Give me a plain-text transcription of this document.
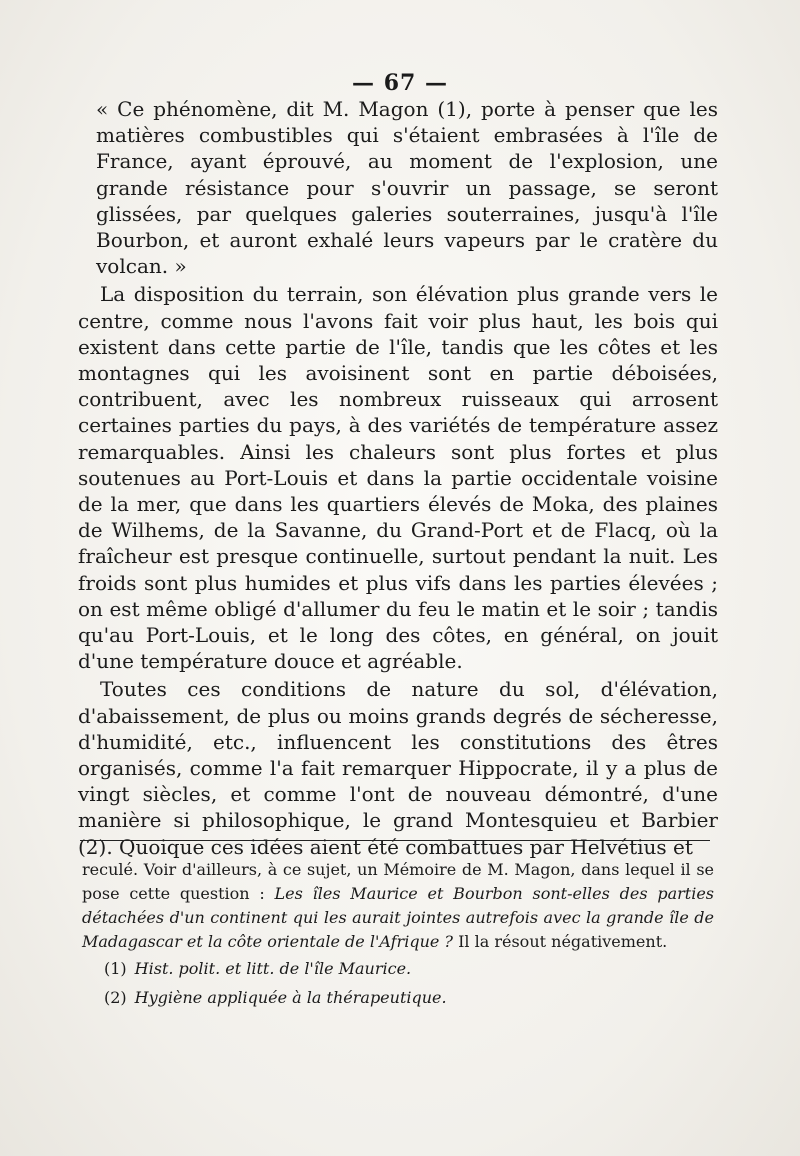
— 67 —

« Ce phénomène, dit M. Magon (1), porte à penser que les matières combustibles qui s'étaient embrasées à l'île de France, ayant éprouvé, au moment de l'explosion, une grande résistance pour s'ouvrir un passage, se seront glissées, par quelques galeries souterraines, jusqu'à l'île Bourbon, et auront exhalé leurs vapeurs par le cratère du volcan. »

La disposition du terrain, son élévation plus grande vers le centre, comme nous l'avons fait voir plus haut, les bois qui existent dans cette partie de l'île, tandis que les côtes et les montagnes qui les avoisinent sont en partie déboisées, contribuent, avec les nombreux ruisseaux qui arrosent certaines parties du pays, à des variétés de température assez remarquables. Ainsi les chaleurs sont plus fortes et plus soutenues au Port-Louis et dans la partie occidentale voisine de la mer, que dans les quartiers élevés de Moka, des plaines de Wilhems, de la Savanne, du Grand-Port et de Flacq, où la fraîcheur est presque continuelle, surtout pendant la nuit. Les froids sont plus humides et plus vifs dans les parties élevées ; on est même obligé d'allumer du feu le matin et le soir ; tandis qu'au Port-Louis, et le long des côtes, en général, on jouit d'une température douce et agréable.

Toutes ces conditions de nature du sol, d'élévation, d'abaissement, de plus ou moins grands degrés de sécheresse, d'humidité, etc., influencent les constitutions des êtres organisés, comme l'a fait remarquer Hippocrate, il y a plus de vingt siècles, et comme l'ont de nouveau démontré, d'une manière si philosophique, le grand Montesquieu et Barbier (2). Quoique ces idées aient été combattues par Helvétius et

reculé. Voir d'ailleurs, à ce sujet, un Mémoire de M. Magon, dans lequel il se pose cette question : Les îles Maurice et Bourbon sont-elles des parties détachées d'un continent qui les aurait jointes autrefois avec la grande île de Madagascar et la côte orientale de l'Afrique ? Il la résout négativement.

(1) Hist. polit. et litt. de l'île Maurice.

(2) Hygiène appliquée à la thérapeutique.
